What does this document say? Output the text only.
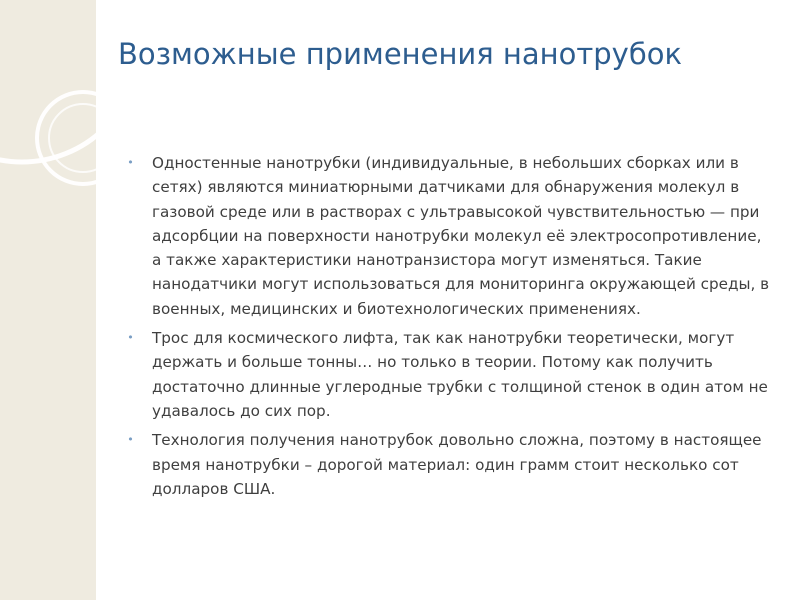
Возможные применения нанотрубок
• Одностенные нанотрубки (индивидуальные, в небольших сборках или в сетях) являются миниатюрными датчиками для обнаружения молекул в газовой среде или в растворах с ультравысокой чувствительностью — при адсорбции на поверхности нанотрубки молекул её электросопротивление, а также характеристики нанотранзистора могут изменяться. Такие нанодатчики могут использоваться для мониторинга окружающей среды, в военных, медицинских и биотехнологических применениях.
• Трос для космического лифта, так как нанотрубки теоретически, могут держать и больше тонны… но только в теории. Потому как получить достаточно длинные углеродные трубки с толщиной стенок в один атом не удавалось до сих пор.
• Технология получения нанотрубок довольно сложна, поэтому в настоящее время нанотрубки – дорогой материал: один грамм стоит несколько сот долларов США.
